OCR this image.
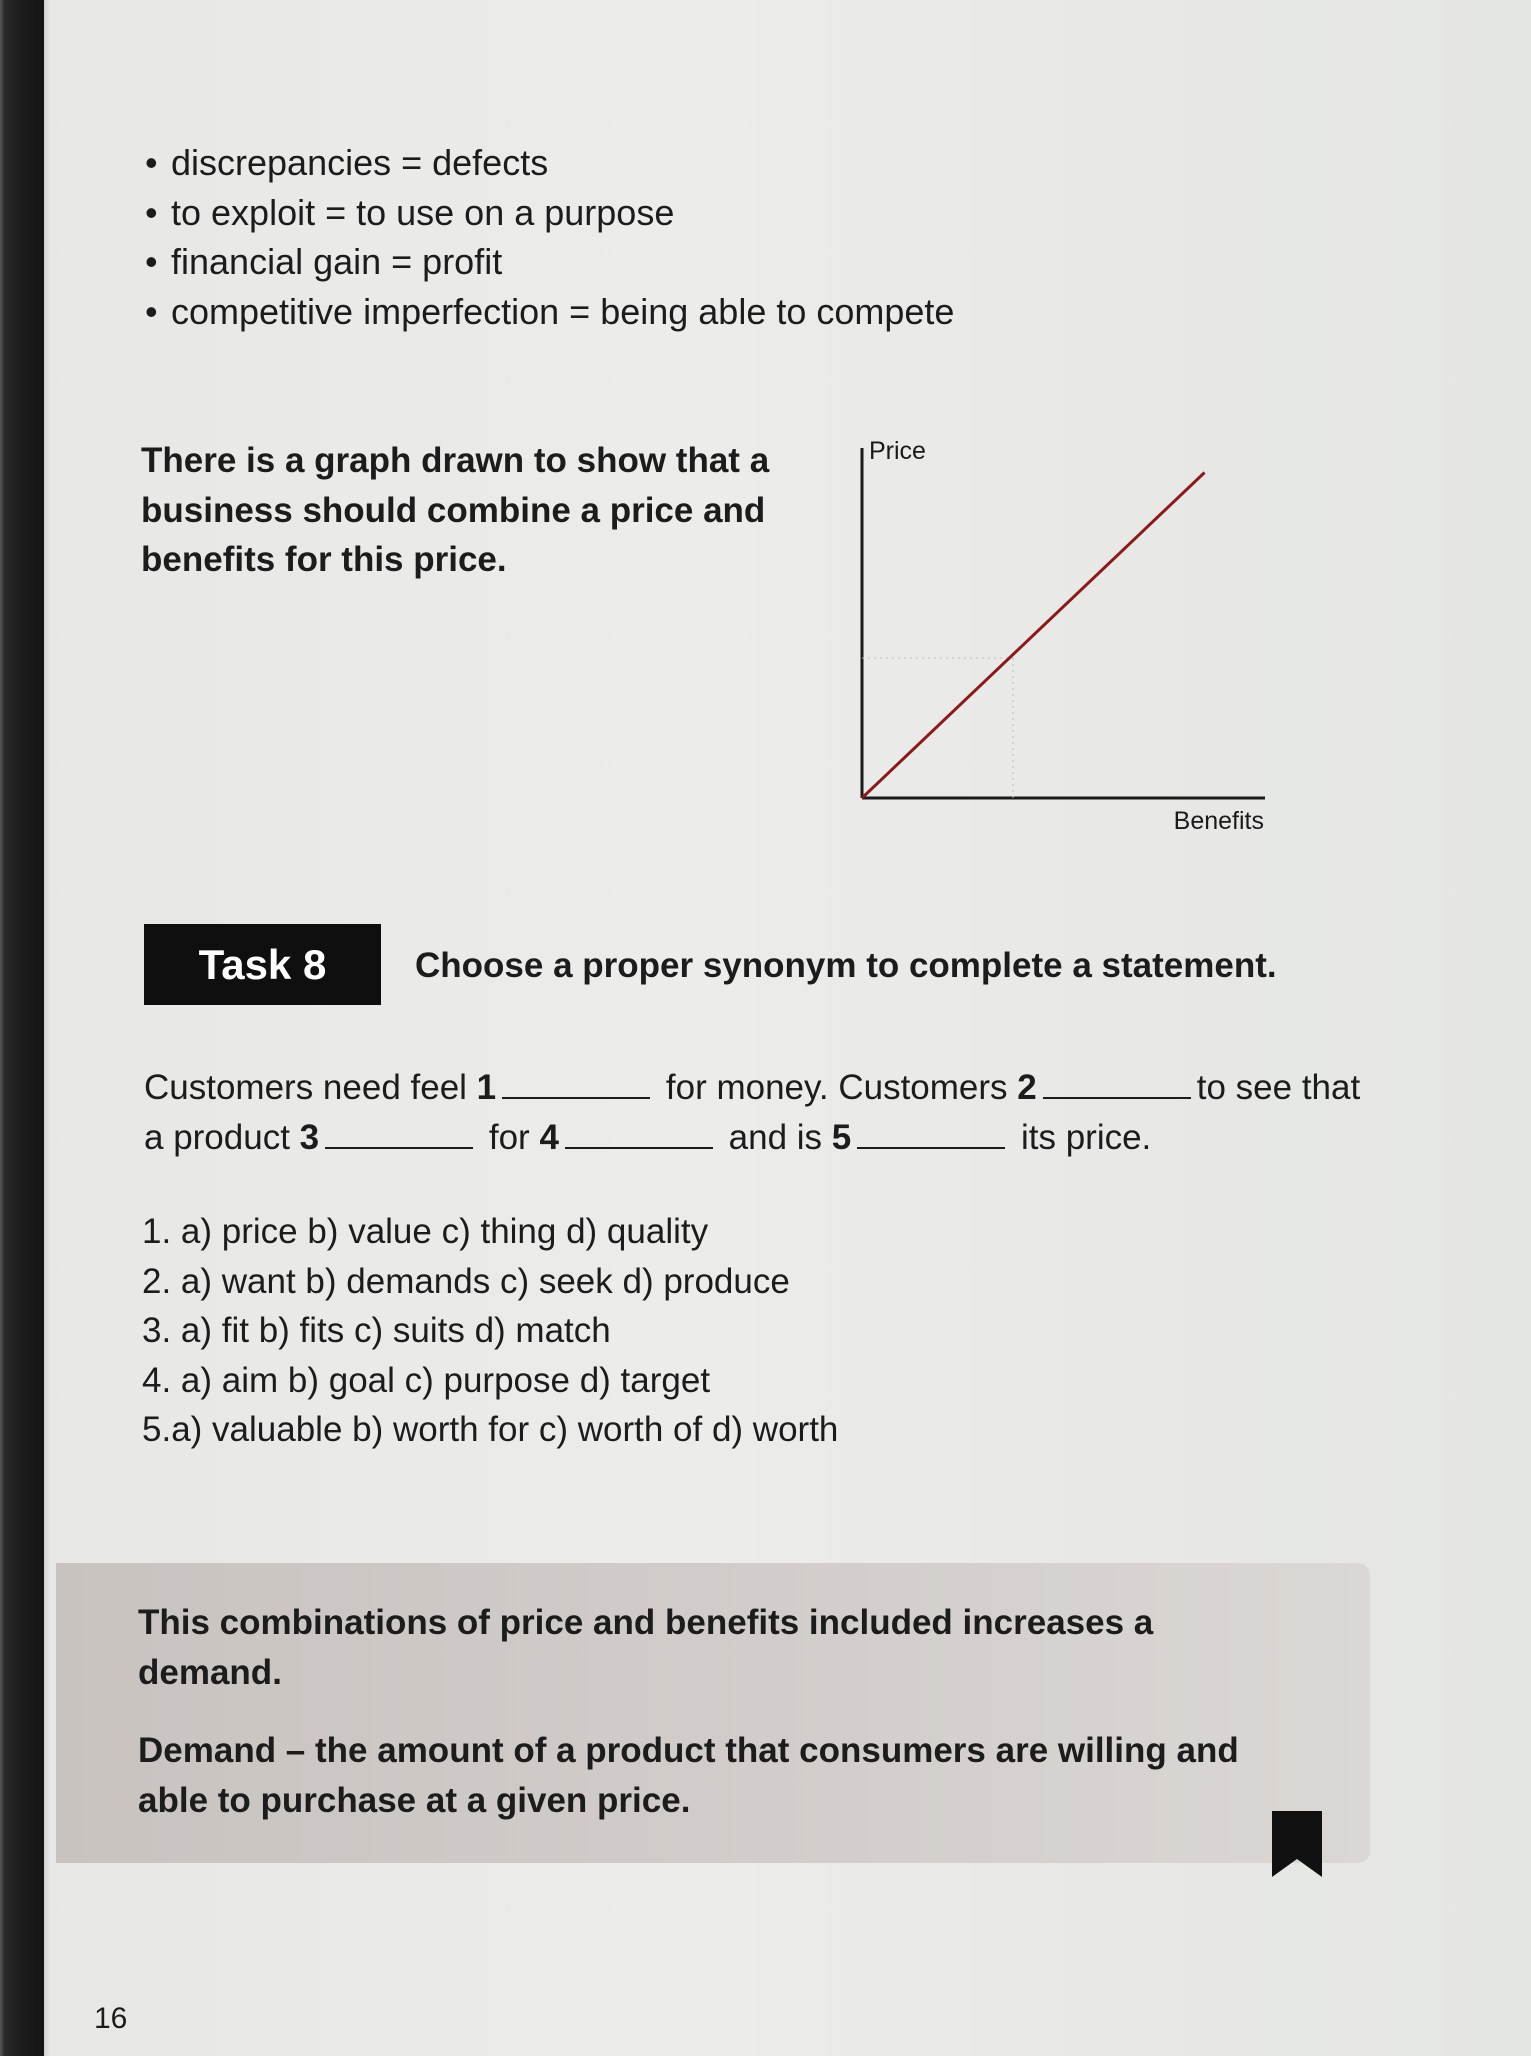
• discrepancies = defects
• to exploit = to use on a purpose
• financial gain = profit
• competitive imperfection = being able to compete

There is a graph drawn to show that a business should combine a price and benefits for this price.

Price
Benefits
Task 8	Choose a proper synonym to complete a statement.
Customers need feel 1	for money. Customers 2	to see that a product 3	for 4	and is 5	its price.
1. a) price b) value c) thing d) quality
2. a) want b) demands c) seek d) produce
3. a) fit b) fits c) suits d) match
4. a) aim b) goal c) purpose d) target
5.a) valuable b) worth for c) worth of d) worth

This combinations of price and benefits included increases a demand.

Demand – the amount of a product that consumers are willing and able to purchase at a given price.

16
